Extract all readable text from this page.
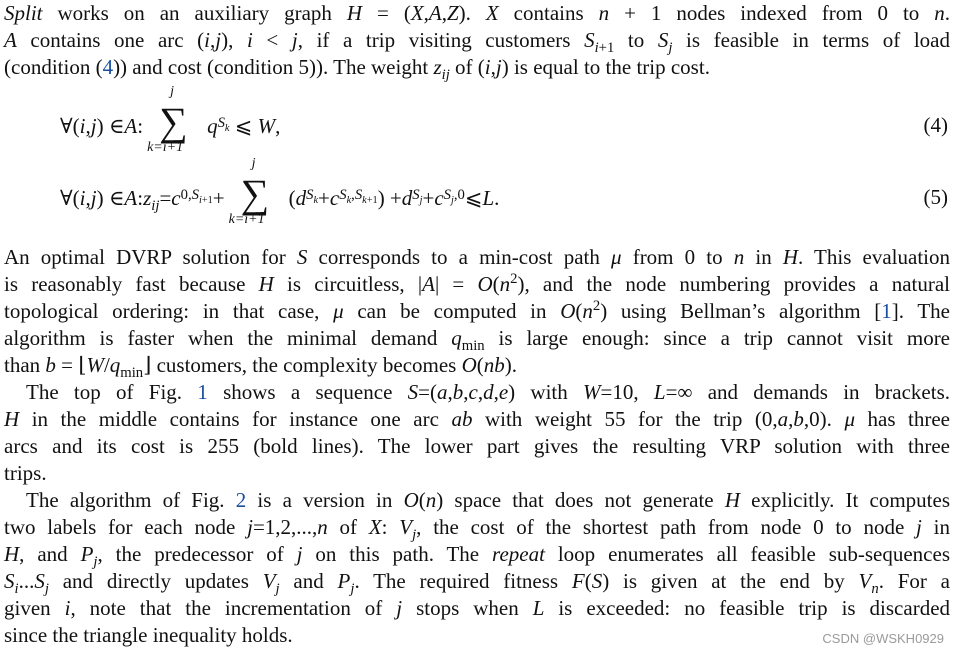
Split works on an auxiliary graph H = (X,A,Z). X contains n + 1 nodes indexed from 0 to n.
A contains one arc (i,j), i < j, if a trip visiting customers $S_{i+1}$ to $S_j$ is feasible in terms of load
(condition (4)) and cost (condition 5)). The weight $z_{ij}$ of (i,j) is equal to the trip cost.
∀( i , j ) ∈ A :
j
∑
k=i+1
q $S_k$ ⩽ W ,	(4)
∀( i , j ) ∈ A : $z_{ij} = c$ $0,S_{i+1}$ +
j
∑
k=i+1
( d $S_k + c$ $S_k,S_{k+1}$ ) + d $S_j + c$ $S_j,0$ ⩽ L .	(5)
An optimal DVRP solution for S corresponds to a min-cost path μ from 0 to n in H. This evaluation
is reasonably fast because H is circuitless, $|A| = O(n^2)$, and the node numbering provides a natural
topological ordering: in that case, μ can be computed in $O(n^2)$ using Bellman’s algorithm [1]. The
algorithm is faster when the minimal demand $q_{min}$ is large enough: since a trip cannot visit more
than $b = ⌊W/q_{min}⌋$ customers, the complexity becomes O(nb).
The top of Fig. 1 shows a sequence S=(a,b,c,d,e) with W=10, L=∞ and demands in brackets.
H in the middle contains for instance one arc ab with weight 55 for the trip (0,a,b,0). μ has three
arcs and its cost is 255 (bold lines). The lower part gives the resulting VRP solution with three
trips.
The algorithm of Fig. 2 is a version in O(n) space that does not generate H explicitly. It computes
two labels for each node j=1,2,...,n of X: $V_j$, the cost of the shortest path from node 0 to node j in
H, and $P_j$, the predecessor of j on this path. The repeat loop enumerates all feasible sub-sequences
$S_i...S_j$ and directly updates $V_j$ and $P_j$. The required fitness F(S) is given at the end by $V_n$. For a
given i, note that the incrementation of j stops when L is exceeded: no feasible trip is discarded
since the triangle inequality holds.	CSDN @WSKH0929
